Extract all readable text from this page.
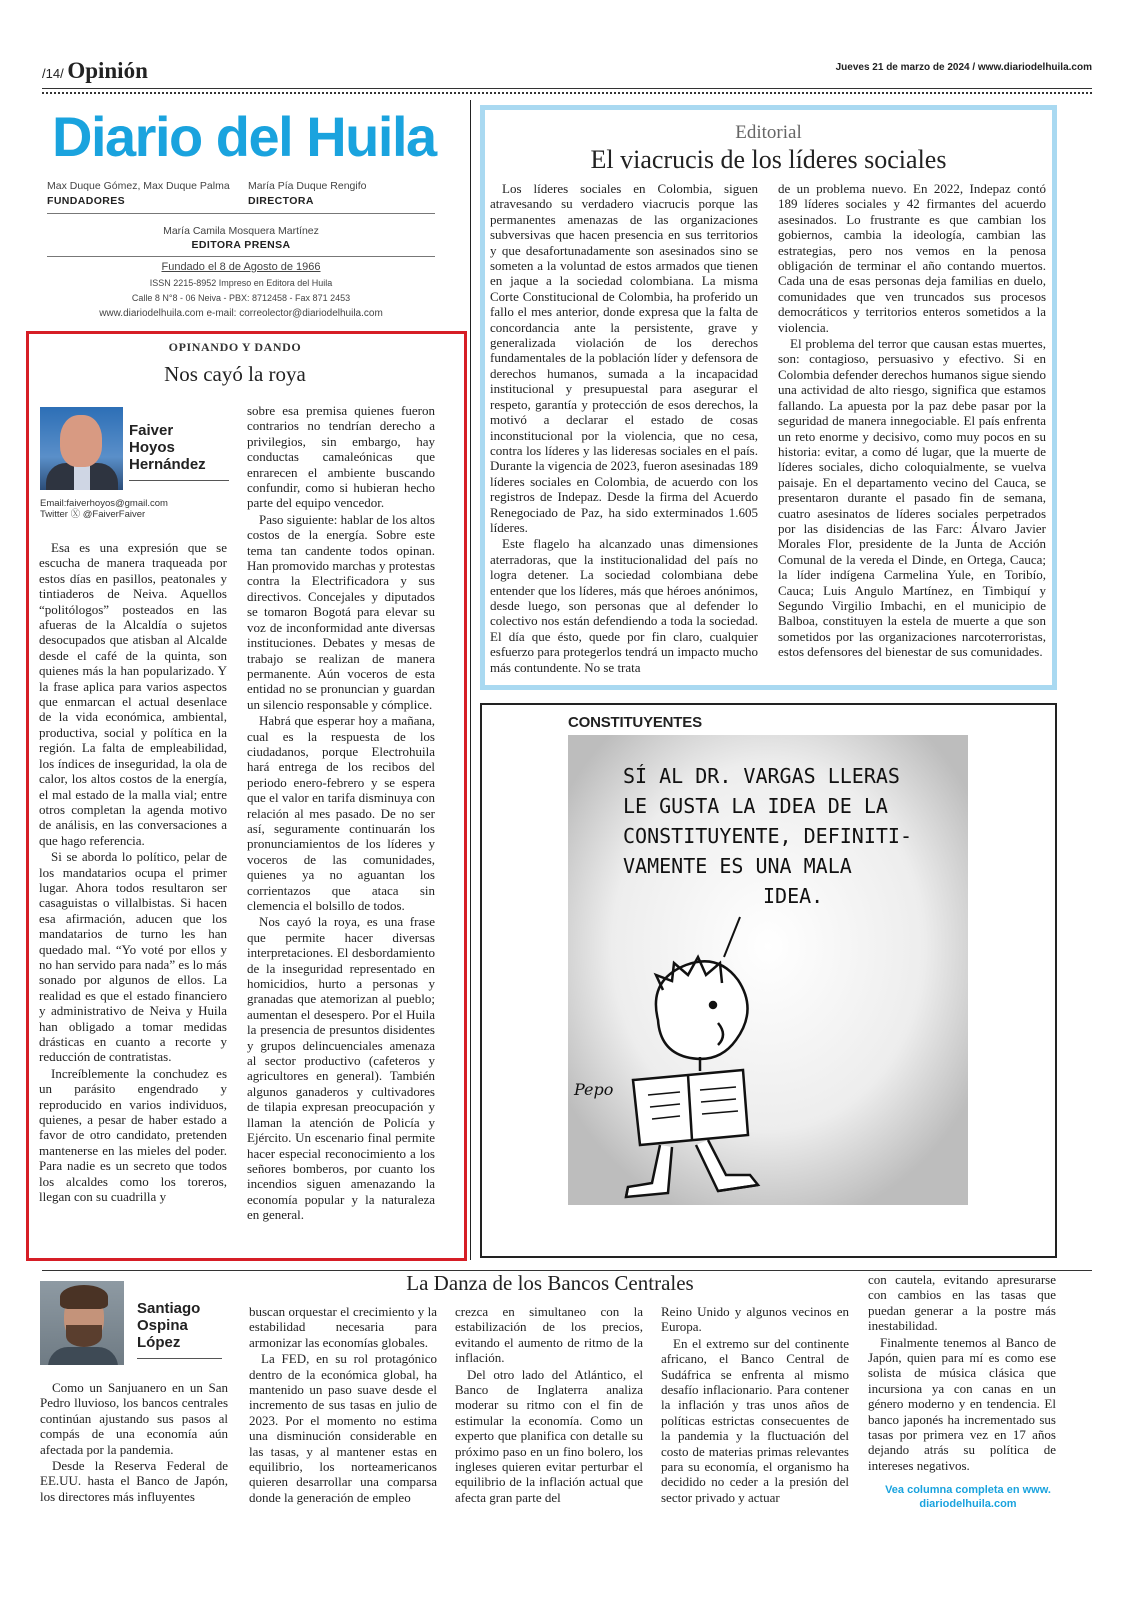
/14/ Opinión	Jueves 21 de marzo de 2024 / www.diariodelhuila.com
Diario del Huila
Max Duque Gómez, Max Duque Palma
FUNDADORES
María Pía Duque Rengifo
DIRECTORA
María Camila Mosquera Martínez
EDITORA PRENSA
Fundado el 8 de Agosto de 1966
ISSN 2215-8952 Impreso en Editora del Huila
Calle 8 N°8 - 06 Neiva - PBX: 8712458 - Fax 871 2453
www.diariodelhuila.com e-mail: correolector@diariodelhuila.com
OPINANDO Y DANDO
Nos cayó la roya
Faiver
Hoyos
Hernández
Email:faiverhoyos@gmail.com
Twitter Ⓧ @FaiverFaiver

Esa es una expresión que se escucha de manera traqueada por estos días en pasillos, peatonales y tintiaderos de Neiva. Aquellos “politólogos” posteados en las afueras de la Alcaldía o sujetos desocupados que atisban al Alcalde desde el café de la quinta, son quienes más la han popularizado. Y la frase aplica para varios aspectos que enmarcan el actual desenlace de la vida económica, ambiental, productiva, social y política en la región. La falta de empleabilidad, los índices de inseguridad, la ola de calor, los altos costos de la energía, el mal estado de la malla vial; entre otros completan la agenda motivo de análisis, en las conversaciones a que hago referencia.

Si se aborda lo político, pelar de los mandatarios ocupa el primer lugar. Ahora todos resultaron ser casaguistas o villalbistas. Si hacen esa afirmación, aducen que los mandatarios de turno les han quedado mal. “Yo voté por ellos y no han servido para nada” es lo más sonado por algunos de ellos. La realidad es que el estado financiero y administrativo de Neiva y Huila han obligado a tomar medidas drásticas en cuanto a recorte y reducción de contratistas.

Increíblemente la conchudez es un parásito engendrado y reproducido en varios individuos, quienes, a pesar de haber estado a favor de otro candidato, pretenden mantenerse en las mieles del poder. Para nadie es un secreto que todos los alcaldes como los toreros, llegan con su cuadrilla y

sobre esa premisa quienes fueron contrarios no tendrían derecho a privilegios, sin embargo, hay conductas camaleónicas que enrarecen el ambiente buscando confundir, como si hubieran hecho parte del equipo vencedor.

Paso siguiente: hablar de los altos costos de la energía. Sobre este tema tan candente todos opinan. Han promovido marchas y protestas contra la Electrificadora y sus directivos. Concejales y diputados se tomaron Bogotá para elevar su voz de inconformidad ante diversas instituciones. Debates y mesas de trabajo se realizan de manera permanente. Aún voceros de esta entidad no se pronuncian y guardan un silencio responsable y cómplice.

Habrá que esperar hoy a mañana, cual es la respuesta de los ciudadanos, porque Electrohuila hará entrega de los recibos del periodo enero-febrero y se espera que el valor en tarifa disminuya con relación al mes pasado. De no ser así, seguramente continuarán los pronunciamientos de los líderes y voceros de las comunidades, quienes ya no aguantan los corrientazos que ataca sin clemencia el bolsillo de todos.

Nos cayó la roya, es una frase que permite hacer diversas interpretaciones. El desbordamiento de la inseguridad representado en homicidios, hurto a personas y granadas que atemorizan al pueblo; aumentan el desespero. Por el Huila la presencia de presuntos disidentes y grupos delincuenciales amenaza al sector productivo (cafeteros y agricultores en general). También algunos ganaderos y cultivadores de tilapia expresan preocupación y llaman la atención de Policía y Ejército. Un escenario final permite hacer especial reconocimiento a los señores bomberos, por cuanto los incendios siguen amenazando la economía popular y la naturaleza en general.

Editorial
El viacrucis de los líderes sociales

Los líderes sociales en Colombia, siguen atravesando su verdadero viacrucis porque las permanentes amenazas de las organizaciones subversivas que hacen presencia en sus territorios y que desafortunadamente son asesinados sino se someten a la voluntad de estos armados que tienen en jaque a la sociedad colombiana. La misma Corte Constitucional de Colombia, ha proferido un fallo el mes anterior, donde expresa que la falta de concordancia ante la persistente, grave y generalizada violación de los derechos fundamentales de la población líder y defensora de derechos humanos, sumada a la incapacidad institucional y presupuestal para asegurar el respeto, garantía y protección de esos derechos, la motivó a declarar el estado de cosas inconstitucional por la violencia, que no cesa, contra los líderes y las lideresas sociales en el país. Durante la vigencia de 2023, fueron asesinadas 189 líderes sociales en Colombia, de acuerdo con los registros de Indepaz. Desde la firma del Acuerdo Renegociado de Paz, ha sido exterminados 1.605 líderes.

Este flagelo ha alcanzado unas dimensiones aterradoras, que la institucionalidad del país no logra detener. La sociedad colombiana debe entender que los líderes, más que héroes anónimos, desde luego, son personas que al defender lo colectivo nos están defendiendo a toda la sociedad. El día que ésto, quede por fin claro, cualquier esfuerzo para protegerlos tendrá un impacto mucho más contundente. No se trata

de un problema nuevo. En 2022, Indepaz contó 189 líderes sociales y 42 firmantes del acuerdo asesinados. Lo frustrante es que cambian los gobiernos, cambia la ideología, cambian las estrategias, pero nos vemos en la penosa obligación de terminar el año contando muertos. Cada una de esas personas deja familias en duelo, comunidades que ven truncados sus procesos democráticos y territorios enteros sometidos a la violencia.

El problema del terror que causan estas muertes, son: contagioso, persuasivo y efectivo. Si en Colombia defender derechos humanos sigue siendo una actividad de alto riesgo, significa que estamos fallando. La apuesta por la paz debe pasar por la seguridad de manera innegociable. El país enfrenta un reto enorme y decisivo, como muy pocos en su historia: evitar, a como dé lugar, que la muerte de líderes sociales, dicho coloquialmente, se vuelva paisaje. En el departamento vecino del Cauca, se presentaron durante el pasado fin de semana, cuatro asesinatos de líderes sociales perpetrados por las disidencias de las Farc: Álvaro Javier Morales Flor, presidente de la Junta de Acción Comunal de la vereda el Dinde, en Ortega, Cauca; la líder indígena Carmelina Yule, en Toribío, Cauca; Luis Angulo Martínez, en Timbiquí y Segundo Virgilio Imbachi, en el municipio de Balboa, constituyen la estela de muerte a que son sometidos por las organizaciones narcoterroristas, estos defensores del bienestar de sus comunidades.

CONSTITUYENTES
SÍ AL DR. VARGAS LLERAS
LE GUSTA LA IDEA DE LA
CONSTITUYENTE, DEFINITI-
VAMENTE ES UNA MALA
IDEA.
Pepo
La Danza de los Bancos Centrales
Santiago
Ospina
López

Como un Sanjuanero en un San Pedro lluvioso, los bancos centrales continúan ajustando sus pasos al compás de una economía aún afectada por la pandemia.

Desde la Reserva Federal de EE.UU. hasta el Banco de Japón, los directores más influyentes

buscan orquestar el crecimiento y la estabilidad necesaria para armonizar las economías globales.

La FED, en su rol protagónico dentro de la económica global, ha mantenido un paso suave desde el incremento de sus tasas en julio de 2023. Por el momento no estima una disminución considerable en las tasas, y al mantener estas en equilibrio, los norteamericanos quieren desarrollar una comparsa donde la generación de empleo

crezca en simultaneo con la estabilización de los precios, evitando el aumento de ritmo de la inflación.

Del otro lado del Atlántico, el Banco de Inglaterra analiza moderar su ritmo con el fin de estimular la economía. Como un experto que planifica con detalle su próximo paso en un fino bolero, los ingleses quieren evitar perturbar el equilibrio de la inflación actual que afecta gran parte del

Reino Unido y algunos vecinos en Europa.

En el extremo sur del continente africano, el Banco Central de Sudáfrica se enfrenta al mismo desafío inflacionario. Para contener la inflación y tras unos años de políticas estrictas consecuentes de la pandemia y la fluctuación del costo de materias primas relevantes para su economía, el organismo ha decidido no ceder a la presión del sector privado y actuar

con cautela, evitando apresurarse con cambios en las tasas que puedan generar a la postre más inestabilidad.

Finalmente tenemos al Banco de Japón, quien para mí es como ese solista de música clásica que incursiona ya con canas en un género moderno y en tendencia. El banco japonés ha incrementado sus tasas por primera vez en 17 años dejando atrás su política de intereses negativos.

Vea columna completa en www. diariodelhuila.com
